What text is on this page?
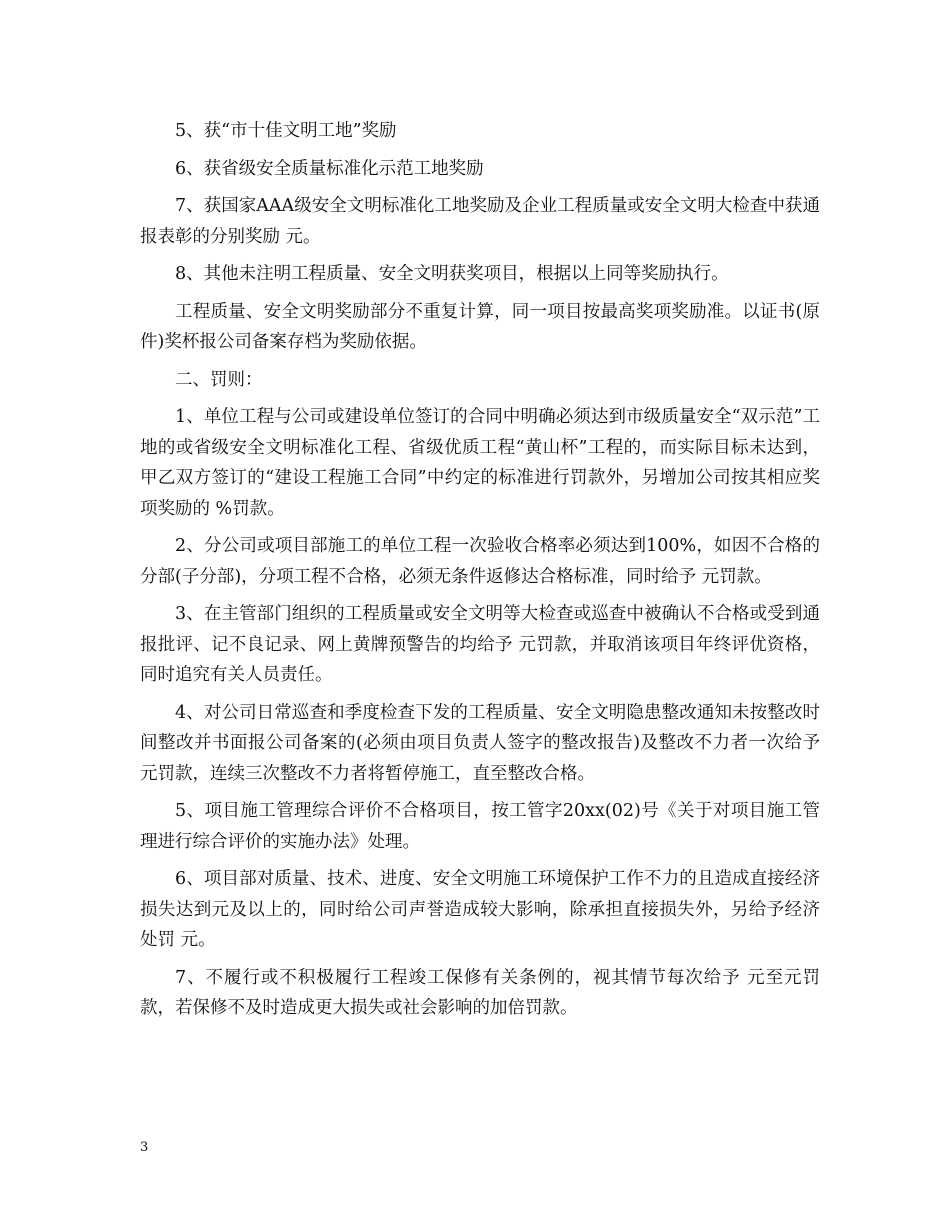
5、获“市十佳文明工地”奖励

6、获省级安全质量标准化示范工地奖励

7、获国家AAA级安全文明标准化工地奖励及企业工程质量或安全文明大检查中获通报表彰的分别奖励 元。

8、其他未注明工程质量、安全文明获奖项目，根据以上同等奖励执行。

工程质量、安全文明奖励部分不重复计算，同一项目按最高奖项奖励准。以证书(原件)奖杯报公司备案存档为奖励依据。

二、罚则：

1、单位工程与公司或建设单位签订的合同中明确必须达到市级质量安全“双示范”工地的或省级安全文明标准化工程、省级优质工程“黄山杯”工程的，而实际目标未达到，甲乙双方签订的“建设工程施工合同”中约定的标准进行罚款外，另增加公司按其相应奖项奖励的 %罚款。

2、分公司或项目部施工的单位工程一次验收合格率必须达到100%，如因不合格的分部(子分部)，分项工程不合格，必须无条件返修达合格标准，同时给予 元罚款。

3、在主管部门组织的工程质量或安全文明等大检查或巡查中被确认不合格或受到通报批评、记不良记录、网上黄牌预警告的均给予 元罚款，并取消该项目年终评优资格，同时追究有关人员责任。

4、对公司日常巡查和季度检查下发的工程质量、安全文明隐患整改通知未按整改时间整改并书面报公司备案的(必须由项目负责人签字的整改报告)及整改不力者一次给予 元罚款，连续三次整改不力者将暂停施工，直至整改合格。

5、项目施工管理综合评价不合格项目，按工管字20xx(02)号《关于对项目施工管理进行综合评价的实施办法》处理。

6、项目部对质量、技术、进度、安全文明施工环境保护工作不力的且造成直接经济损失达到元及以上的，同时给公司声誉造成较大影响，除承担直接损失外，另给予经济处罚 元。

7、不履行或不积极履行工程竣工保修有关条例的，视其情节每次给予 元至元罚款，若保修不及时造成更大损失或社会影响的加倍罚款。

3
